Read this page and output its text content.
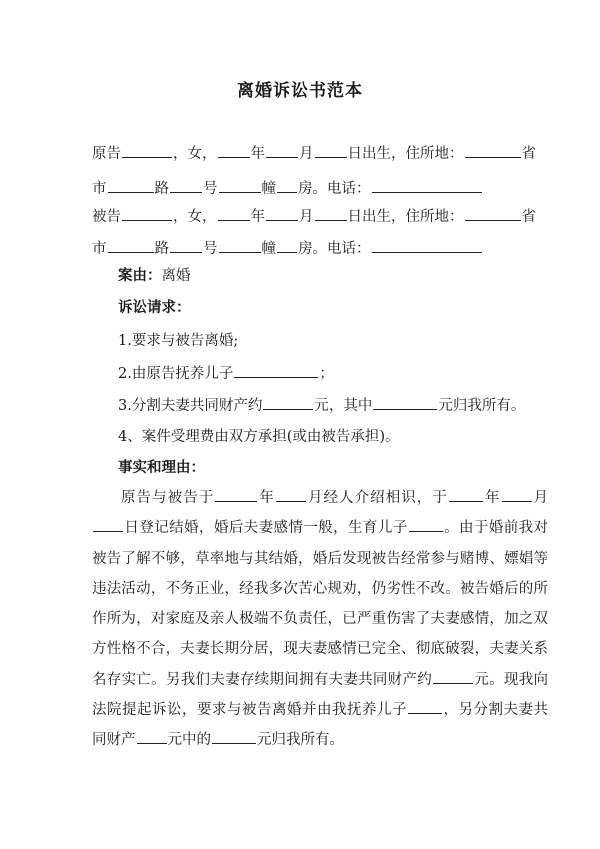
离婚诉讼书范本
原告	，女， 年 月 日出生，住所地：	省
市	路 号	幢 房。电话：
被告	，女， 年 月 日出生，住所地：	省
市	路 号	幢 房。电话：
案由：离婚
诉讼请求：
1.要求与被告离婚;
2.由原告抚养儿子	；
3.分割夫妻共同财产约	元，其中	元归我所有。
4、案件受理费由双方承担(或由被告承担)。
事实和理由：
原告与被告于	年 月经人介绍相识，于 年 月日登记结婚，婚后夫妻感情一般，生育儿子 。由于婚前我对被告了解不够，草率地与其结婚，婚后发现被告经常参与赌博、嫖娼等违法活动，不务正业，经我多次苦心规劝，仍劣性不改。被告婚后的所作所为，对家庭及亲人极端不负责任，已严重伤害了夫妻感情，加之双方性格不合，夫妻长期分居，现夫妻感情已完全、彻底破裂，夫妻关系名存实亡。另我们夫妻存续期间拥有夫妻共同财产约	元。现我向法院提起诉讼，要求与被告离婚并由我抚养儿子 ，另分割夫妻共同财产 元中的	元归我所有。
